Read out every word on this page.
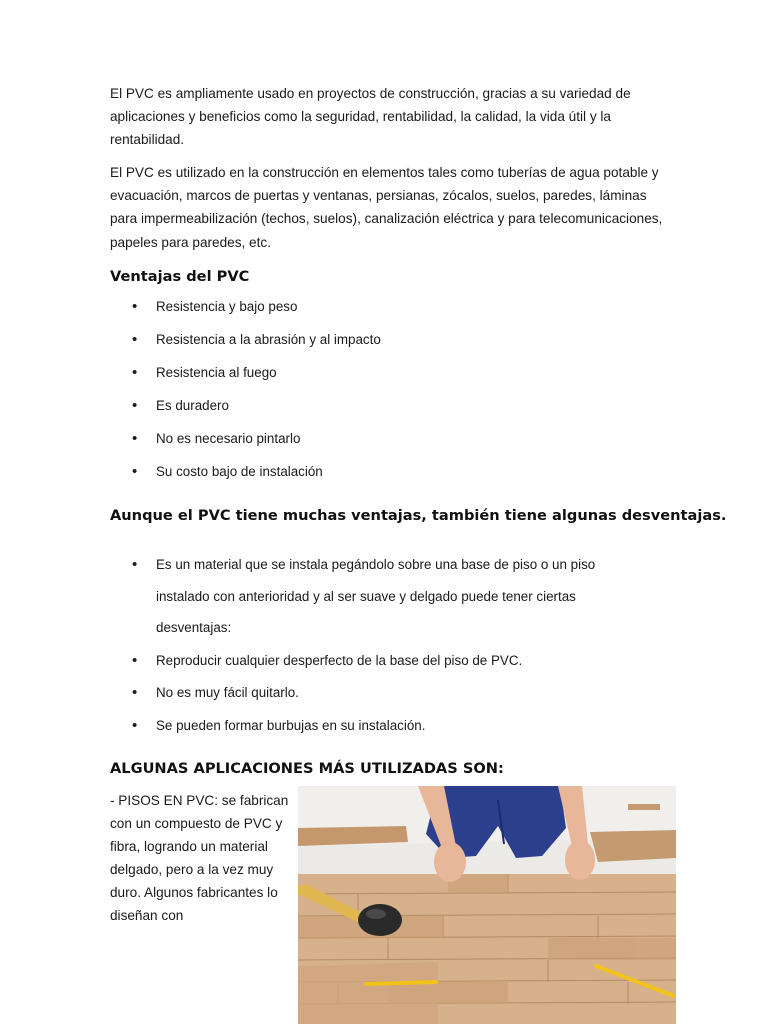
El PVC es ampliamente usado en proyectos de construcción, gracias a su variedad de aplicaciones y beneficios como la seguridad, rentabilidad, la calidad, la vida útil y la rentabilidad.

El PVC es utilizado en la construcción en elementos tales como tuberías de agua potable y evacuación, marcos de puertas y ventanas, persianas, zócalos, suelos, paredes, láminas para impermeabilización (techos, suelos), canalización eléctrica y para telecomunicaciones, papeles para paredes, etc.

Ventajas del PVC
• Resistencia y bajo peso
• Resistencia a la abrasión y al impacto
• Resistencia al fuego
• Es duradero
• No es necesario pintarlo
• Su costo bajo de instalación
Aunque el PVC tiene muchas ventajas, también tiene algunas desventajas.
• Es un material que se instala pegándolo sobre una base de piso o un piso instalado con anterioridad y al ser suave y delgado puede tener ciertas desventajas:
• Reproducir cualquier desperfecto de la base del piso de PVC.
• No es muy fácil quitarlo.
• Se pueden formar burbujas en su instalación.
ALGUNAS APLICACIONES MÁS UTILIZADAS SON:

- PISOS EN PVC: se fabrican con un compuesto de PVC y fibra, logrando un material delgado, pero a la vez muy duro. Algunos fabricantes lo diseñan con
